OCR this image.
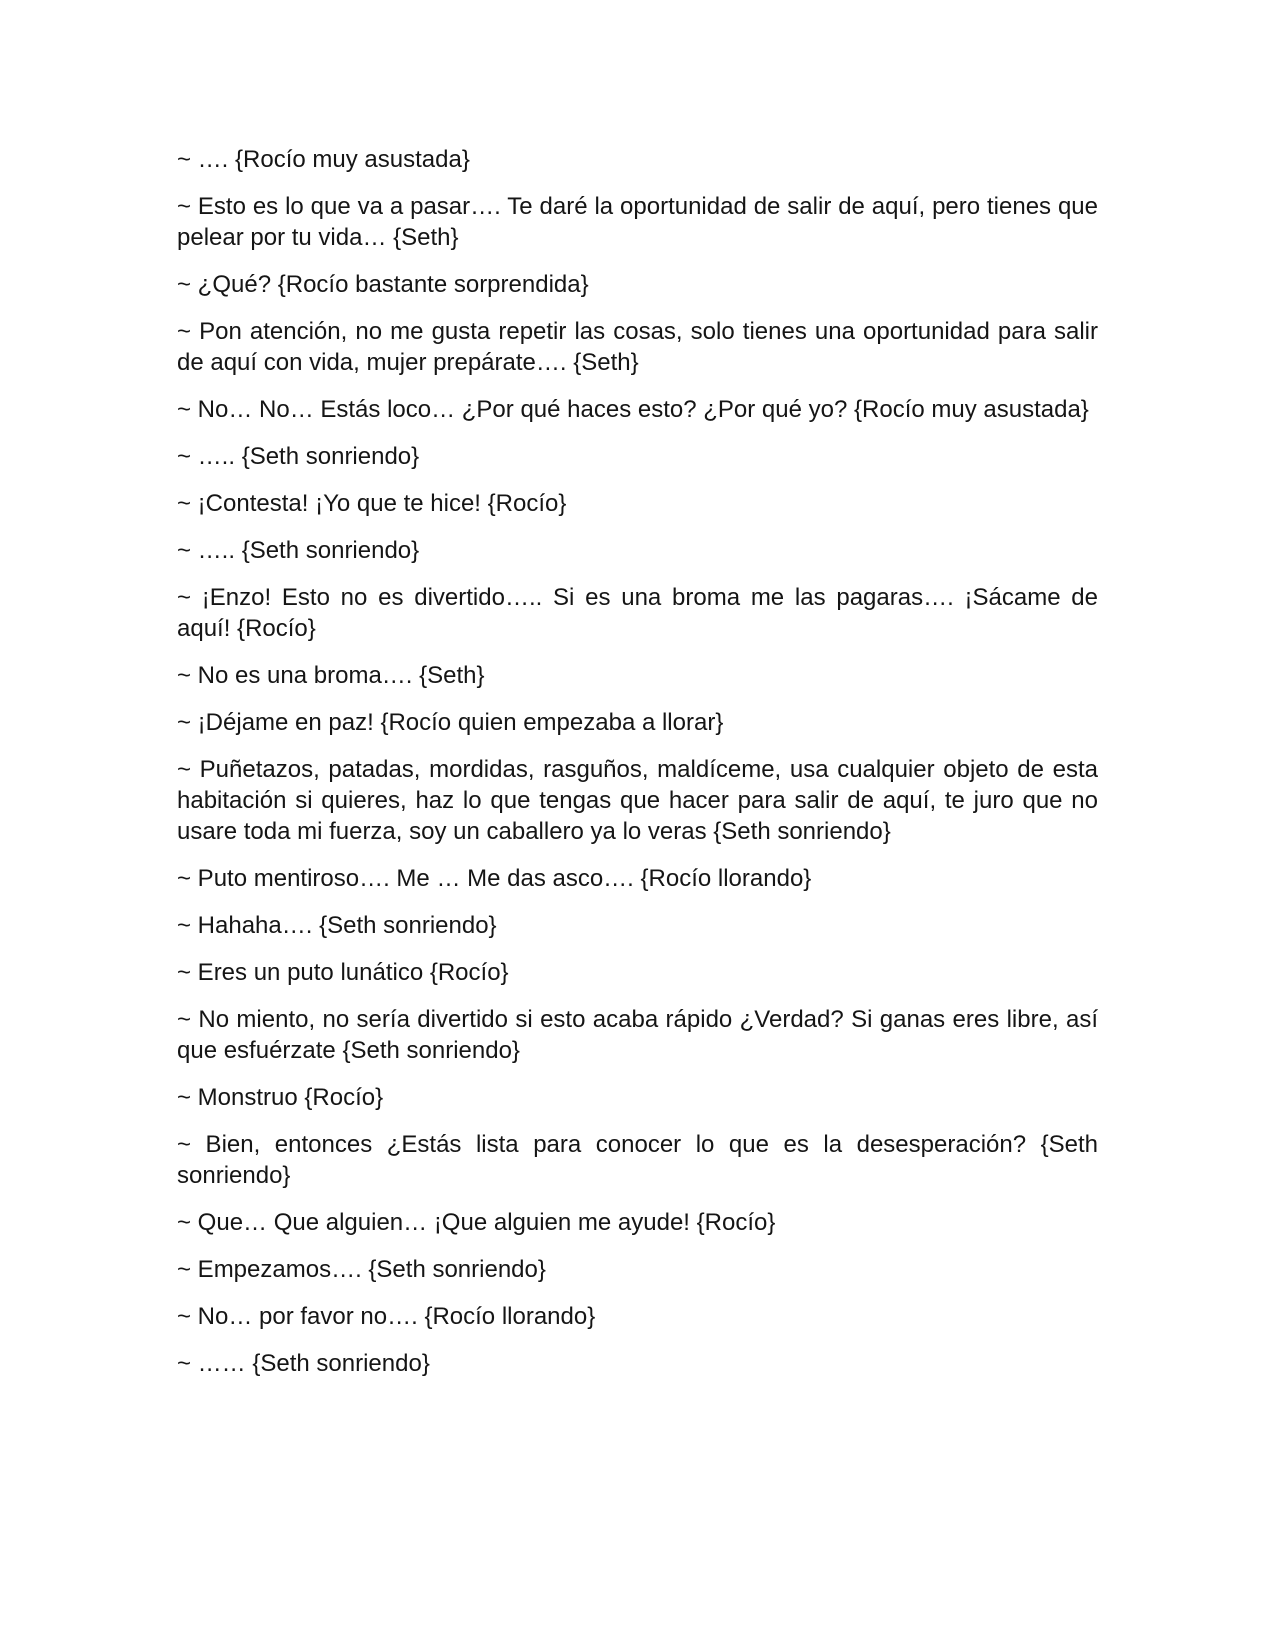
~ …. {Rocío muy asustada}

~ Esto es lo que va a pasar…. Te daré la oportunidad de salir de aquí, pero tienes que pelear por tu vida… {Seth}

~ ¿Qué? {Rocío bastante sorprendida}

~ Pon atención, no me gusta repetir las cosas, solo tienes una oportunidad para salir de aquí con vida, mujer prepárate…. {Seth}

~ No… No… Estás loco… ¿Por qué haces esto? ¿Por qué yo? {Rocío muy asustada}

~ ….. {Seth sonriendo}

~ ¡Contesta! ¡Yo que te hice! {Rocío}

~ ….. {Seth sonriendo}

~ ¡Enzo! Esto no es divertido….. Si es una broma me las pagaras…. ¡Sácame de aquí! {Rocío}

~ No es una broma…. {Seth}

~ ¡Déjame en paz! {Rocío quien empezaba a llorar}

~ Puñetazos, patadas, mordidas, rasguños, maldíceme, usa cualquier objeto de esta habitación si quieres, haz lo que tengas que hacer para salir de aquí, te juro que no usare toda mi fuerza, soy un caballero ya lo veras {Seth sonriendo}

~ Puto mentiroso…. Me … Me das asco…. {Rocío llorando}

~ Hahaha…. {Seth sonriendo}

~ Eres un puto lunático {Rocío}

~ No miento, no sería divertido si esto acaba rápido ¿Verdad? Si ganas eres libre, así que esfuérzate {Seth sonriendo}

~ Monstruo {Rocío}

~ Bien, entonces ¿Estás lista para conocer lo que es la desesperación? {Seth sonriendo}

~ Que… Que alguien… ¡Que alguien me ayude! {Rocío}

~ Empezamos…. {Seth sonriendo}

~ No… por favor no…. {Rocío llorando}

~ …… {Seth sonriendo}
